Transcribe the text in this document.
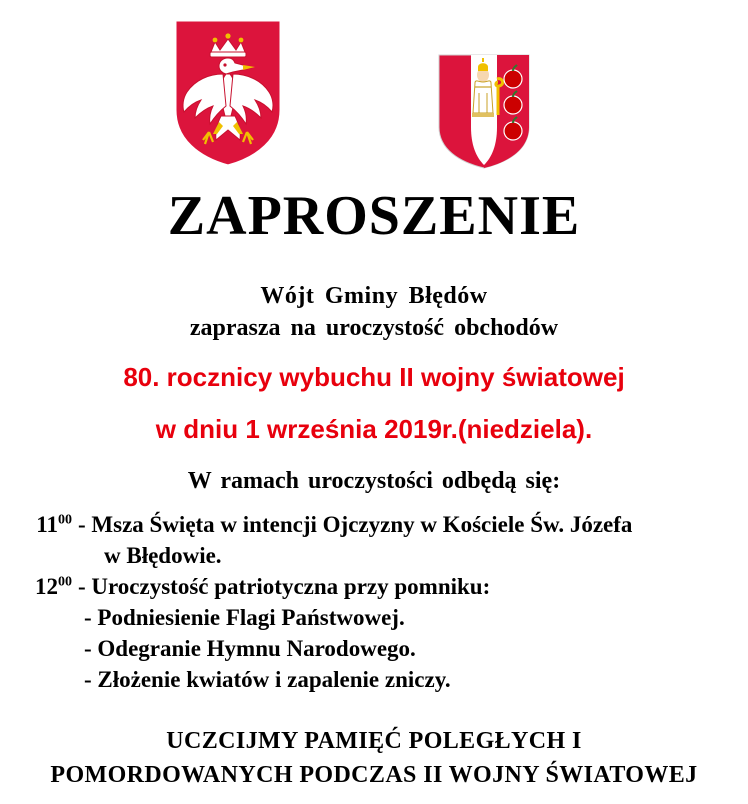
ZAPROSZENIE
Wójt Gminy Błędów
zaprasza na uroczystość obchodów
80. rocznicy wybuchu II wojny światowej
w dniu 1 września 2019r.(niedziela).
W ramach uroczystości odbędą się:
$11^{00}$ - Msza Święta w intencji Ojczyzny w Kościele Św. Józefa
w Błędowie.
$12^{00}$ - Uroczystość patriotyczna przy pomniku:
- Podniesienie Flagi Państwowej.
- Odegranie Hymnu Narodowego.
- Złożenie kwiatów i zapalenie zniczy.
UCZCIJMY PAMIĘĆ POLEGŁYCH I
POMORDOWANYCH PODCZAS II WOJNY ŚWIATOWEJ
